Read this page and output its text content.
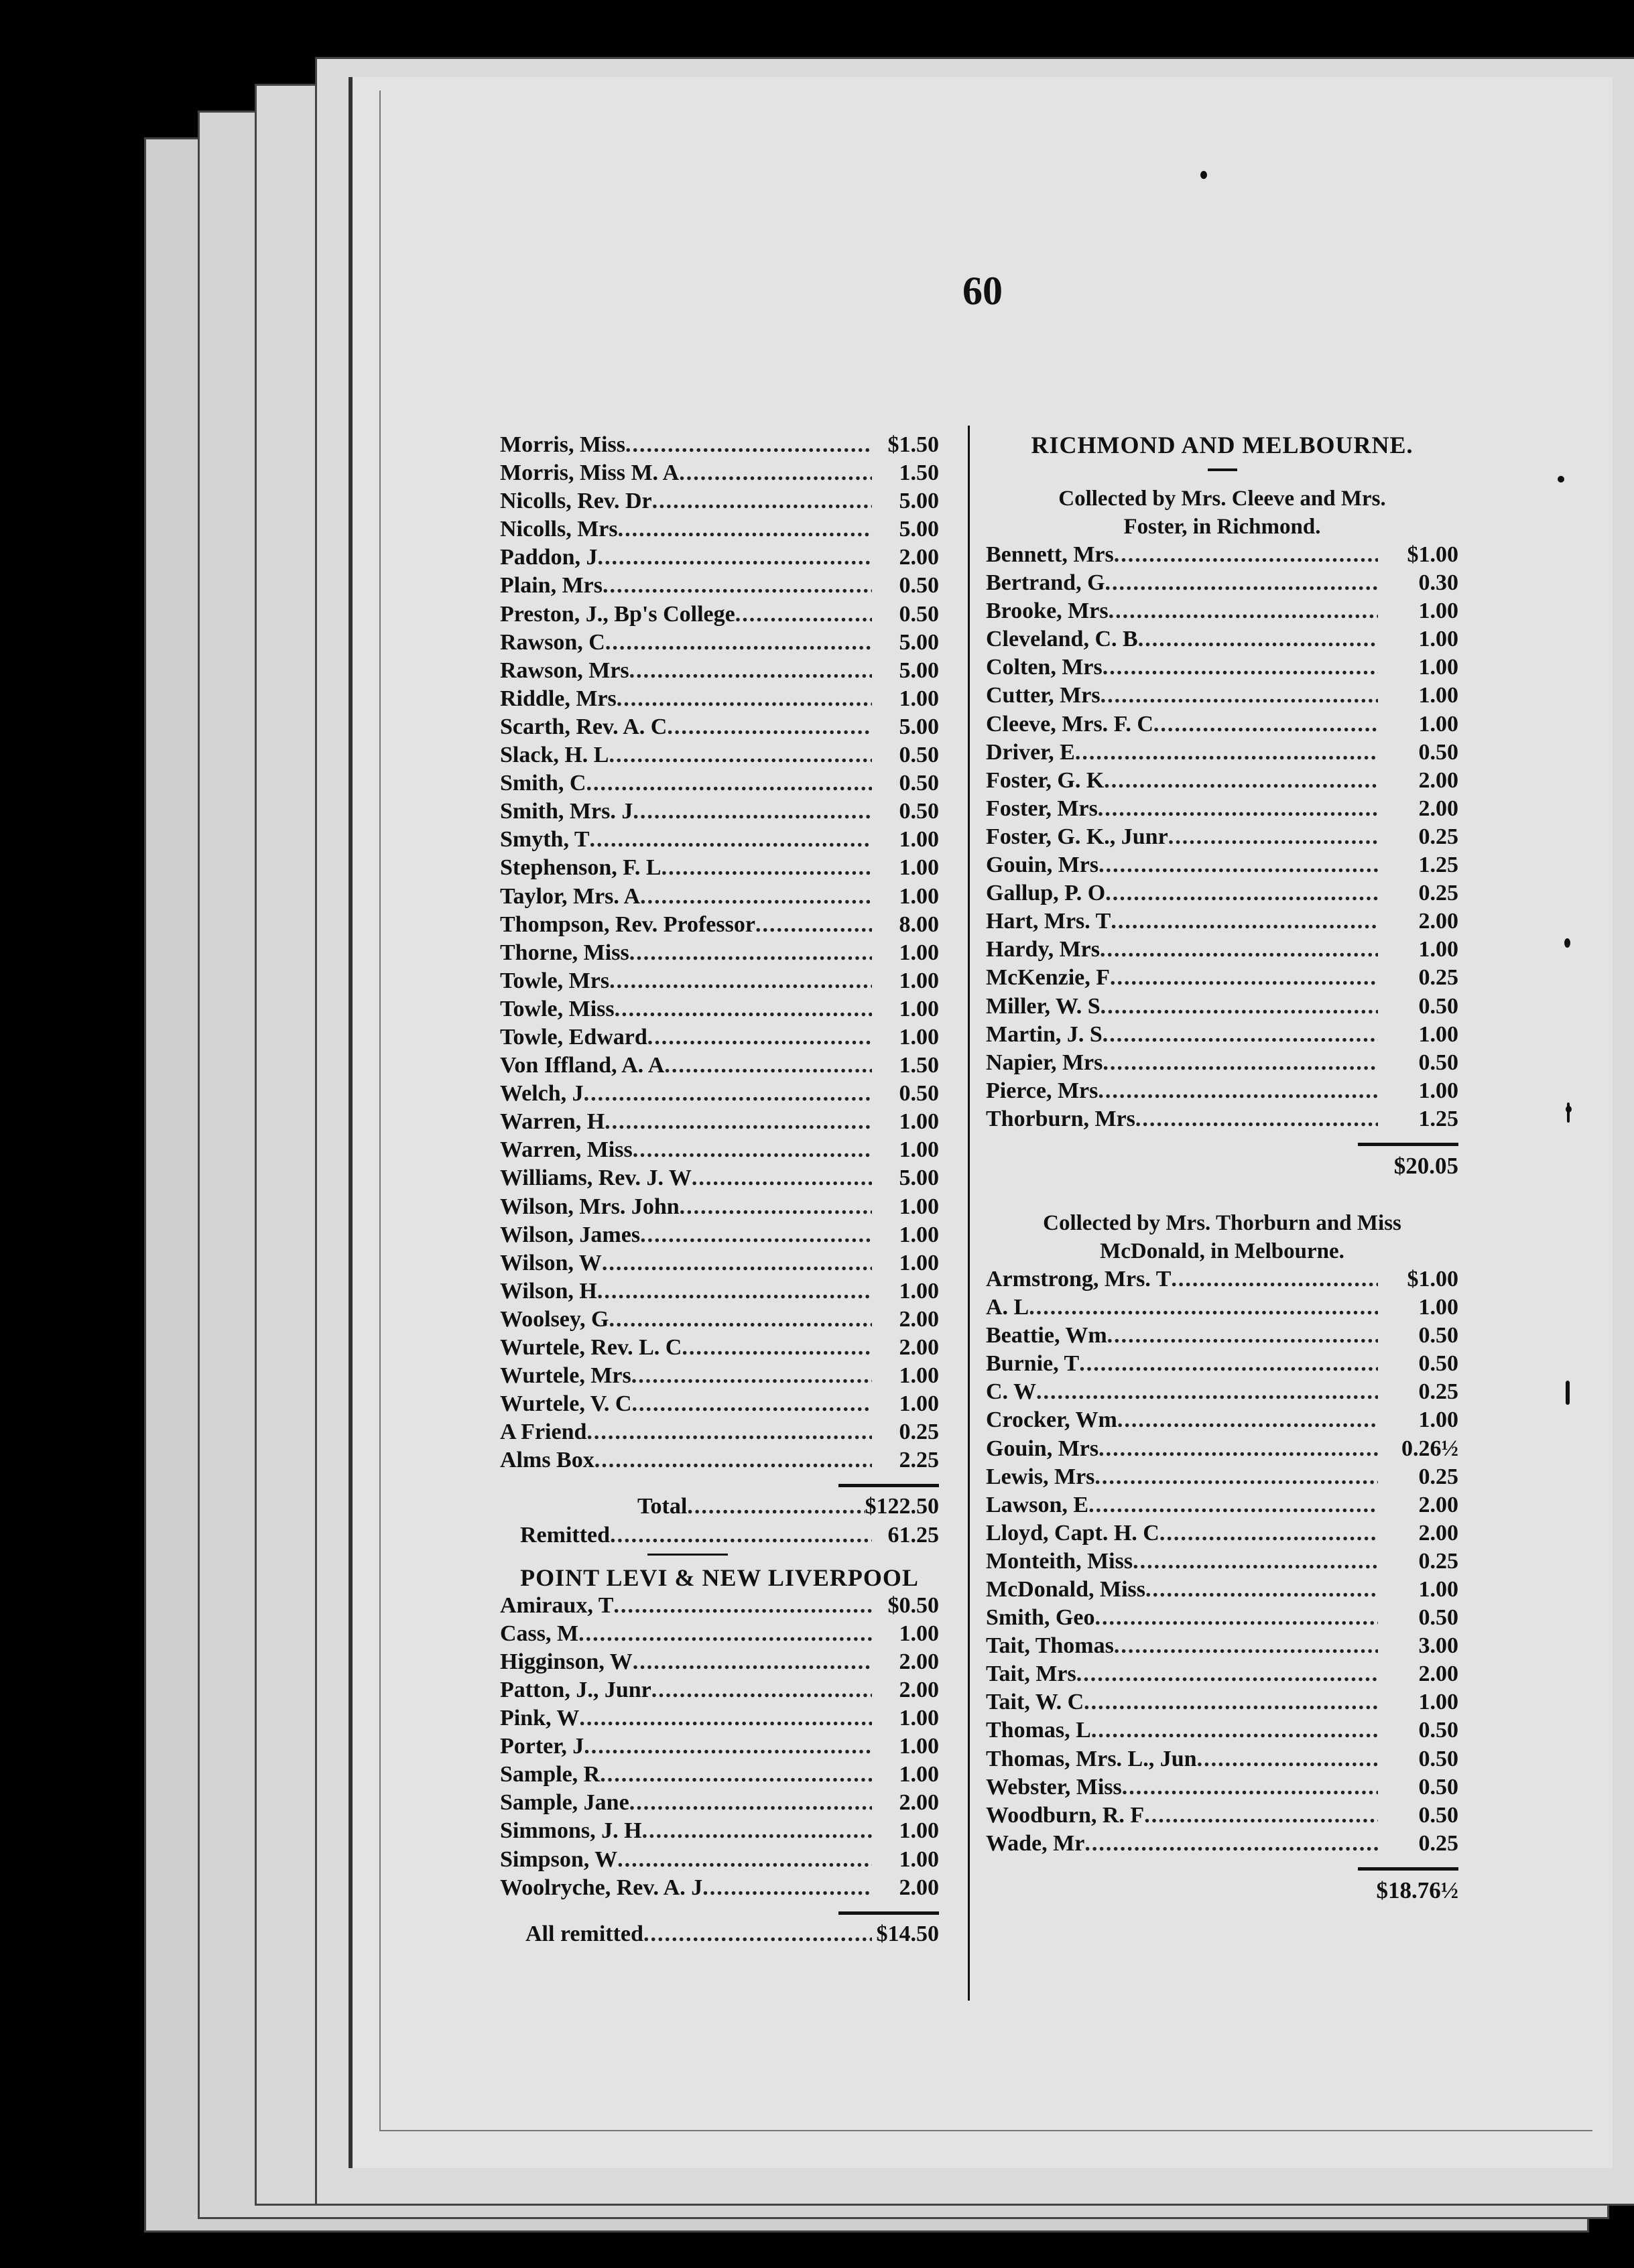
60
Morris, Miss .....	$1.50
Morris, Miss M. A .....	1.50
Nicolls, Rev. Dr .....	5.00
Nicolls, Mrs .....	5.00
Paddon, J .....	2.00
Plain, Mrs .....	0.50
Preston, J., Bp's College .....	0.50
Rawson, C .....	5.00
Rawson, Mrs .....	5.00
Riddle, Mrs .....	1.00
Scarth, Rev. A. C .....	5.00
Slack, H. L .....	0.50
Smith, C .....	0.50
Smith, Mrs. J .....	0.50
Smyth, T .....	1.00
Stephenson, F. L .....	1.00
Taylor, Mrs. A .....	1.00
Thompson, Rev. Professor .....	8.00
Thorne, Miss .....	1.00
Towle, Mrs .....	1.00
Towle, Miss .....	1.00
Towle, Edward .....	1.00
Von Iffland, A. A .....	1.50
Welch, J .....	0.50
Warren, H .....	1.00
Warren, Miss .....	1.00
Williams, Rev. J. W .....	5.00
Wilson, Mrs. John .....	1.00
Wilson, James .....	1.00
Wilson, W .....	1.00
Wilson, H .....	1.00
Woolsey, G .....	2.00
Wurtele, Rev. L. C .....	2.00
Wurtele, Mrs .....	1.00
Wurtele, V. C .....	1.00
A Friend .....	0.25
Alms Box .....	2.25
Total .....	$122.50
Remitted .....	61.25
POINT LEVI & NEW LIVERPOOL
Amiraux, T .....	$0.50
Cass, M .....	1.00
Higginson, W .....	2.00
Patton, J., Junr .....	2.00
Pink, W .....	1.00
Porter, J .....	1.00
Sample, R .....	1.00
Sample, Jane .....	2.00
Simmons, J. H .....	1.00
Simpson, W .....	1.00
Woolryche, Rev. A. J .....	2.00
All remitted .....	$14.50
RICHMOND AND MELBOURNE.
Collected by Mrs. Cleeve and Mrs.
Foster, in Richmond.
Bennett, Mrs .....	$1.00
Bertrand, G .....	0.30
Brooke, Mrs .....	1.00
Cleveland, C. B .....	1.00
Colten, Mrs .....	1.00
Cutter, Mrs .....	1.00
Cleeve, Mrs. F. C .....	1.00
Driver, E .....	0.50
Foster, G. K .....	2.00
Foster, Mrs .....	2.00
Foster, G. K., Junr .....	0.25
Gouin, Mrs .....	1.25
Gallup, P. O .....	0.25
Hart, Mrs. T .....	2.00
Hardy, Mrs .....	1.00
McKenzie, F .....	0.25
Miller, W. S .....	0.50
Martin, J. S .....	1.00
Napier, Mrs .....	0.50
Pierce, Mrs .....	1.00
Thorburn, Mrs .....	1.25
$20.05
Collected by Mrs. Thorburn and Miss
McDonald, in Melbourne.
Armstrong, Mrs. T .....	$1.00
A. L .....	1.00
Beattie, Wm .....	0.50
Burnie, T .....	0.50
C. W .....	0.25
Crocker, Wm .....	1.00
Gouin, Mrs .....	0.26½
Lewis, Mrs .....	0.25
Lawson, E .....	2.00
Lloyd, Capt. H. C .....	2.00
Monteith, Miss .....	0.25
McDonald, Miss .....	1.00
Smith, Geo .....	0.50
Tait, Thomas .....	3.00
Tait, Mrs .....	2.00
Tait, W. C .....	1.00
Thomas, L .....	0.50
Thomas, Mrs. L., Jun .....	0.50
Webster, Miss .....	0.50
Woodburn, R. F .....	0.50
Wade, Mr .....	0.25
$18.76½
